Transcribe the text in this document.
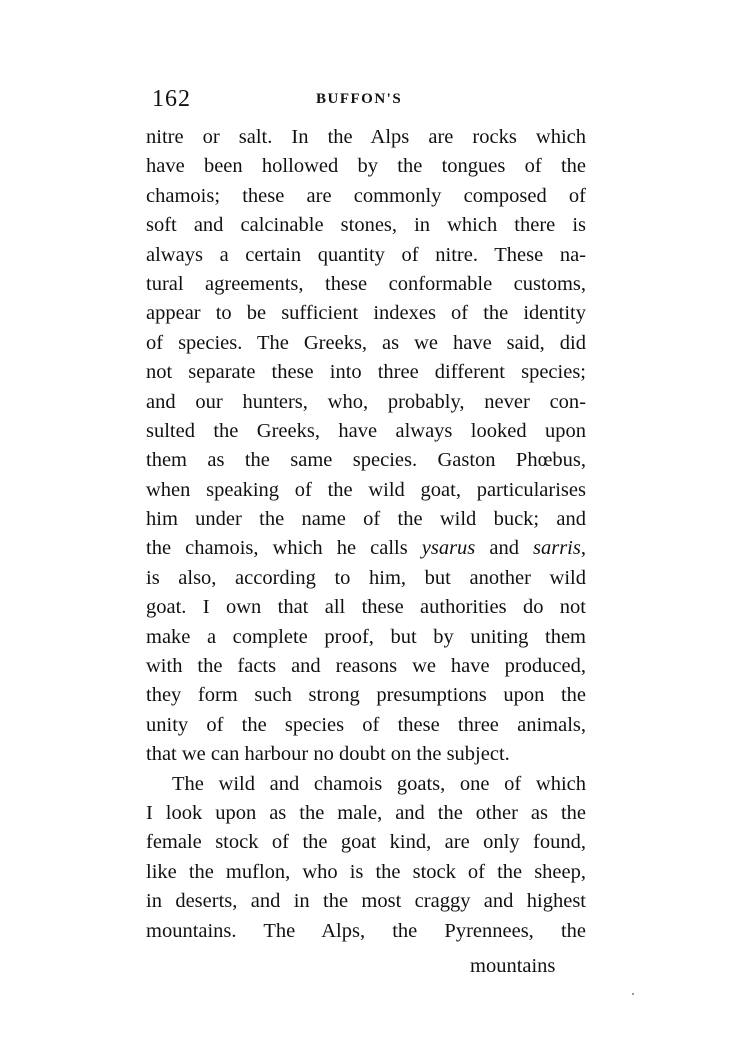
162	BUFFON'S
nitre or salt. In the Alps are rocks which
have been hollowed by the tongues of the
chamois; these are commonly composed of
soft and calcinable stones, in which there is
always a certain quantity of nitre. These na-
tural agreements, these conformable customs,
appear to be sufficient indexes of the identity
of species. The Greeks, as we have said, did
not separate these into three different species;
and our hunters, who, probably, never con-
sulted the Greeks, have always looked upon
them as the same species. Gaston Phœbus,
when speaking of the wild goat, particularises
him under the name of the wild buck; and
the chamois, which he calls ysarus and sarris,
is also, according to him, but another wild
goat. I own that all these authorities do not
make a complete proof, but by uniting them
with the facts and reasons we have produced,
they form such strong presumptions upon the
unity of the species of these three animals,
that we can harbour no doubt on the subject.
The wild and chamois goats, one of which
I look upon as the male, and the other as the
female stock of the goat kind, are only found,
like the muflon, who is the stock of the sheep,
in deserts, and in the most craggy and highest
mountains. The Alps, the Pyrennees, the
mountains
